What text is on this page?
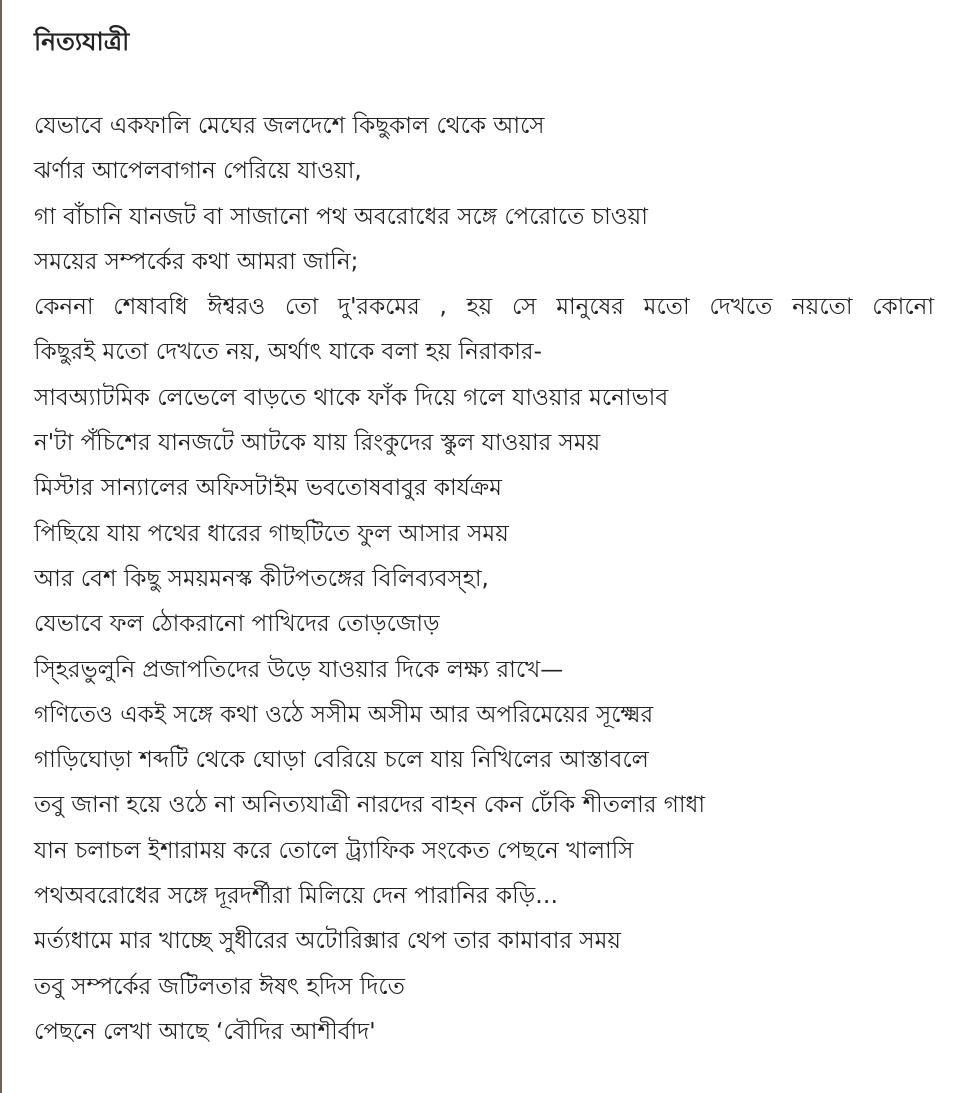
নিত্যযাত্রী
যেভাবে একফালি মেঘের জলদেশে কিছুকাল থেকে আসে
ঝর্ণার আপেলবাগান পেরিয়ে যাওয়া,
গা বাঁচানি যানজট বা সাজানো পথ অবরোধের সঙ্গে পেরোতে চাওয়া
সময়ের সম্পর্কের কথা আমরা জানি;
কেননা শেষাবধি ঈশ্বরও তো দু'রকমের , হয় সে মানুষের মতো দেখতে নয়তো কোনো
কিছুরই মতো দেখতে নয়, অর্থাৎ যাকে বলা হয় নিরাকার-
সাবঅ্যাটমিক লেভেলে বাড়তে থাকে ফাঁক দিয়ে গলে যাওয়ার মনোভাব
ন'টা পঁচিশের যানজটে আটকে যায় রিংকুদের স্কুল যাওয়ার সময়
মিস্টার সান্যালের অফিসটাইম ভবতোষবাবুর কার্যক্রম
পিছিয়ে যায় পথের ধারের গাছটিতে ফুল আসার সময়
আর বেশ কিছু সময়মনস্ক কীটপতঙ্গের বিলিব্যবস্হা,
যেভাবে ফল ঠোকরানো পাখিদের তোড়জোড়
স্হিরভুলুনি প্রজাপতিদের উড়ে যাওয়ার দিকে লক্ষ্য রাখে—
গণিতেও একই সঙ্গে কথা ওঠে সসীম অসীম আর অপরিমেয়ের সূক্ষ্মের
গাড়িঘোড়া শব্দটি থেকে ঘোড়া বেরিয়ে চলে যায় নিখিলের আস্তাবলে
তবু জানা হয়ে ওঠে না অনিত্যযাত্রী নারদের বাহন কেন ঢেঁকি শীতলার গাধা
যান চলাচল ইশারাময় করে তোলে ট্র্যাফিক সংকেত পেছনে খালাসি
পথঅবরোধের সঙ্গে দূরদর্শীরা মিলিয়ে দেন পারানির কড়ি…
মর্ত্যধামে মার খাচ্ছে সুধীরের অটোরিক্সার থেপ তার কামাবার সময়
তবু সম্পর্কের জটিলতার ঈষৎ হদিস দিতে
পেছনে লেখা আছে ‘বৌদির আশীর্বাদ'
